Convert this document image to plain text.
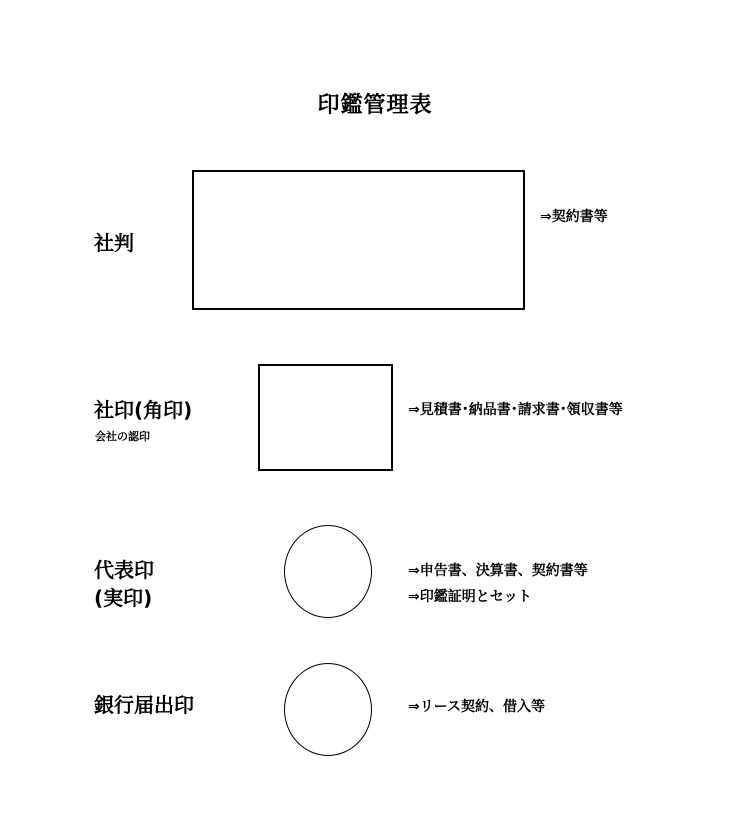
印鑑管理表
社判
⇒契約書等
社印(角印)
会社の認印
⇒見積書･納品書･請求書･領収書等
代表印
(実印)
⇒申告書、決算書、契約書等
⇒印鑑証明とセット
銀行届出印	⇒リース契約、借入等
